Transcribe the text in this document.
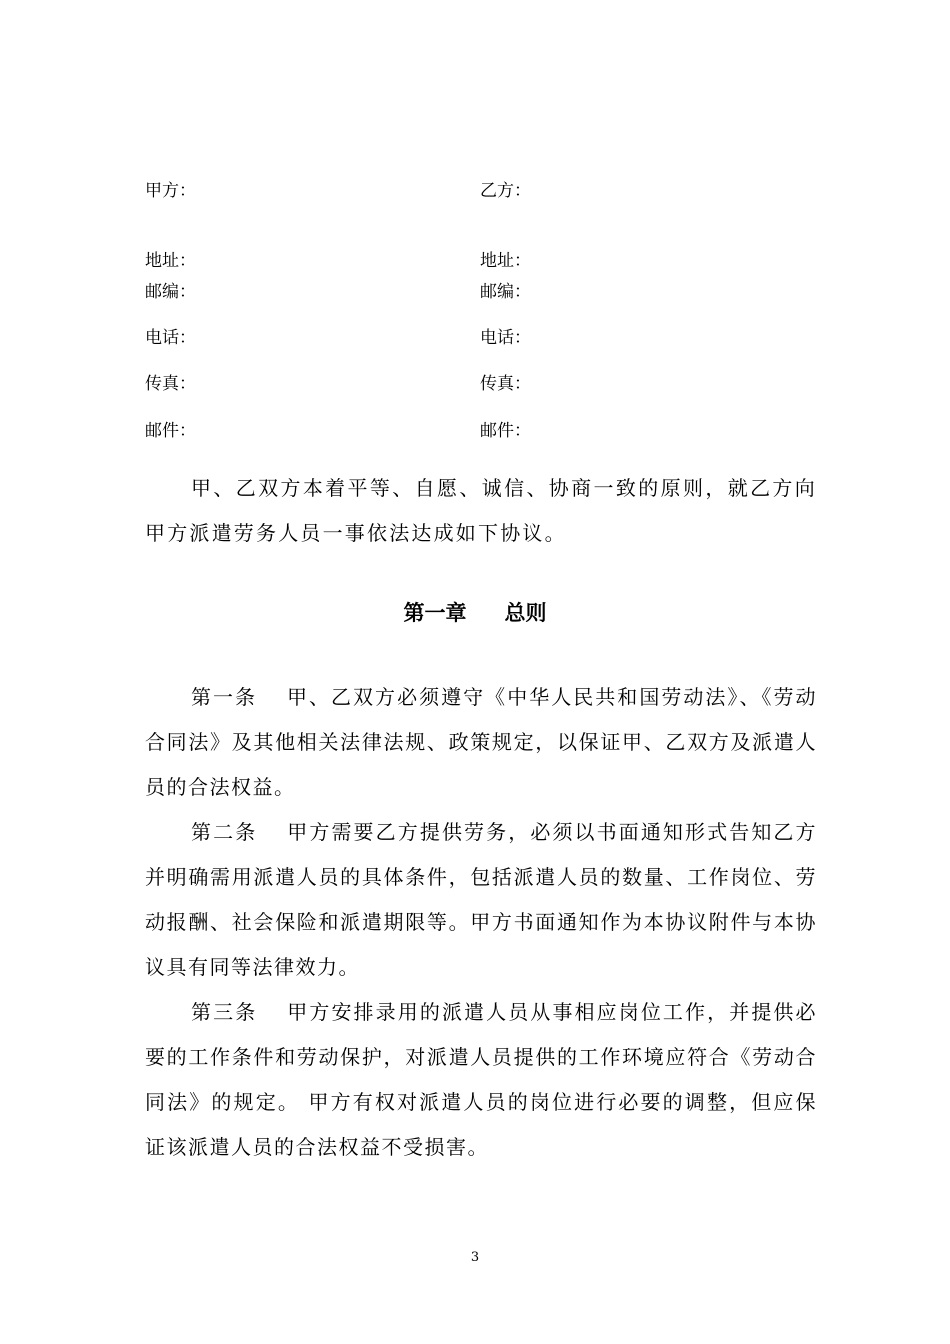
甲方：	乙方：
地址：	地址：
邮编：	邮编：
电话：	电话：
传真：	传真：
邮件：	邮件：

甲、乙双方本着平等、自愿、诚信、协商一致的原则，就乙方向甲方派遣劳务人员一事依法达成如下协议。

第一章 总则

第一条  甲、乙双方必须遵守《中华人民共和国劳动法》、《劳动合同法》及其他相关法律法规、政策规定，以保证甲、乙双方及派遣人员的合法权益。

第二条  甲方需要乙方提供劳务，必须以书面通知形式告知乙方并明确需用派遣人员的具体条件，包括派遣人员的数量、工作岗位、劳动报酬、社会保险和派遣期限等。甲方书面通知作为本协议附件与本协议具有同等法律效力。

第三条  甲方安排录用的派遣人员从事相应岗位工作，并提供必要的工作条件和劳动保护，对派遣人员提供的工作环境应符合《劳动合同法》的规定。 甲方有权对派遣人员的岗位进行必要的调整，但应保证该派遣人员的合法权益不受损害。

3
